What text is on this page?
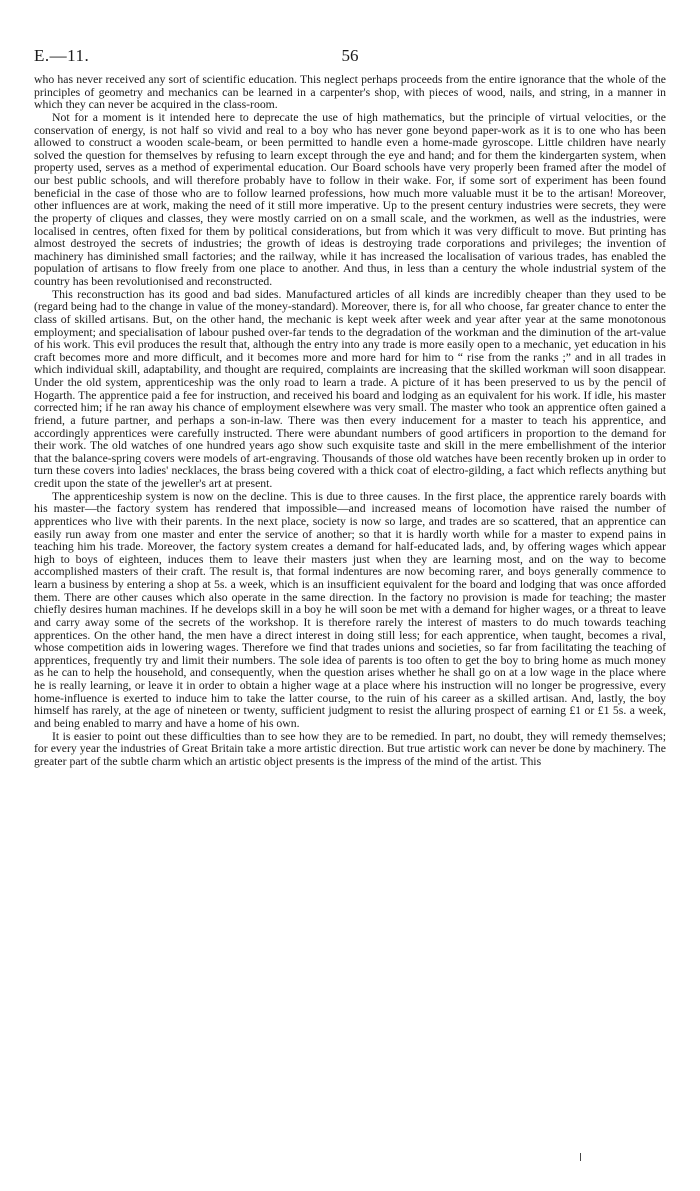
E.—11.	56

who has never received any sort of scientific education. This neglect perhaps proceeds from the entire ignorance that the whole of the principles of geometry and mechanics can be learned in a carpenter's shop, with pieces of wood, nails, and string, in a manner in which they can never be acquired in the class-room.

Not for a moment is it intended here to deprecate the use of high mathematics, but the principle of virtual velocities, or the conservation of energy, is not half so vivid and real to a boy who has never gone beyond paper-work as it is to one who has been allowed to construct a wooden scale-beam, or been permitted to handle even a home-made gyroscope. Little children have nearly solved the question for themselves by refusing to learn except through the eye and hand; and for them the kindergarten system, when property used, serves as a method of experimental education. Our Board schools have very properly been framed after the model of our best public schools, and will therefore probably have to follow in their wake. For, if some sort of experiment has been found beneficial in the case of those who are to follow learned professions, how much more valuable must it be to the artisan! Moreover, other influences are at work, making the need of it still more imperative. Up to the present century industries were secrets, they were the property of cliques and classes, they were mostly carried on on a small scale, and the workmen, as well as the industries, were localised in centres, often fixed for them by political considerations, but from which it was very difficult to move. But printing has almost destroyed the secrets of industries; the growth of ideas is destroying trade corporations and privileges; the invention of machinery has diminished small factories; and the railway, while it has increased the localisation of various trades, has enabled the population of artisans to flow freely from one place to another. And thus, in less than a century the whole industrial system of the country has been revolutionised and reconstructed.

This reconstruction has its good and bad sides. Manufactured articles of all kinds are incredibly cheaper than they used to be (regard being had to the change in value of the money-standard). Moreover, there is, for all who choose, far greater chance to enter the class of skilled artisans. But, on the other hand, the mechanic is kept week after week and year after year at the same monotonous employment; and specialisation of labour pushed over-far tends to the degradation of the workman and the diminution of the art-value of his work. This evil produces the result that, although the entry into any trade is more easily open to a mechanic, yet education in his craft becomes more and more difficult, and it becomes more and more hard for him to “ rise from the ranks ;” and in all trades in which individual skill, adaptability, and thought are required, complaints are increasing that the skilled workman will soon disappear. Under the old system, apprenticeship was the only road to learn a trade. A picture of it has been preserved to us by the pencil of Hogarth. The apprentice paid a fee for instruction, and received his board and lodging as an equivalent for his work. If idle, his master corrected him; if he ran away his chance of employment elsewhere was very small. The master who took an apprentice often gained a friend, a future partner, and perhaps a son-in-law. There was then every inducement for a master to teach his apprentice, and accordingly apprentices were carefully instructed. There were abundant numbers of good artificers in proportion to the demand for their work. The old watches of one hundred years ago show such exquisite taste and skill in the mere embellishment of the interior that the balance-spring covers were models of art-engraving. Thousands of those old watches have been recently broken up in order to turn these covers into ladies' necklaces, the brass being covered with a thick coat of electro-gilding, a fact which reflects anything but credit upon the state of the jeweller's art at present.

The apprenticeship system is now on the decline. This is due to three causes. In the first place, the apprentice rarely boards with his master—the factory system has rendered that impossible—and increased means of locomotion have raised the number of apprentices who live with their parents. In the next place, society is now so large, and trades are so scattered, that an apprentice can easily run away from one master and enter the service of another; so that it is hardly worth while for a master to expend pains in teaching him his trade. Moreover, the factory system creates a demand for half-educated lads, and, by offering wages which appear high to boys of eighteen, induces them to leave their masters just when they are learning most, and on the way to become accomplished masters of their craft. The result is, that formal indentures are now becoming rarer, and boys generally commence to learn a business by entering a shop at 5s. a week, which is an insufficient equivalent for the board and lodging that was once afforded them. There are other causes which also operate in the same direction. In the factory no provision is made for teaching; the master chiefly desires human machines. If he develops skill in a boy he will soon be met with a demand for higher wages, or a threat to leave and carry away some of the secrets of the workshop. It is therefore rarely the interest of masters to do much towards teaching apprentices. On the other hand, the men have a direct interest in doing still less; for each apprentice, when taught, becomes a rival, whose competition aids in lowering wages. Therefore we find that trades unions and societies, so far from facilitating the teaching of apprentices, frequently try and limit their numbers. The sole idea of parents is too often to get the boy to bring home as much money as he can to help the household, and consequently, when the question arises whether he shall go on at a low wage in the place where he is really learning, or leave it in order to obtain a higher wage at a place where his instruction will no longer be progressive, every home-influence is exerted to induce him to take the latter course, to the ruin of his career as a skilled artisan. And, lastly, the boy himself has rarely, at the age of nineteen or twenty, sufficient judgment to resist the alluring prospect of earning £1 or £1 5s. a week, and being enabled to marry and have a home of his own.

It is easier to point out these difficulties than to see how they are to be remedied. In part, no doubt, they will remedy themselves; for every year the industries of Great Britain take a more artistic direction. But true artistic work can never be done by machinery. The greater part of the subtle charm which an artistic object presents is the impress of the mind of the artist. This
